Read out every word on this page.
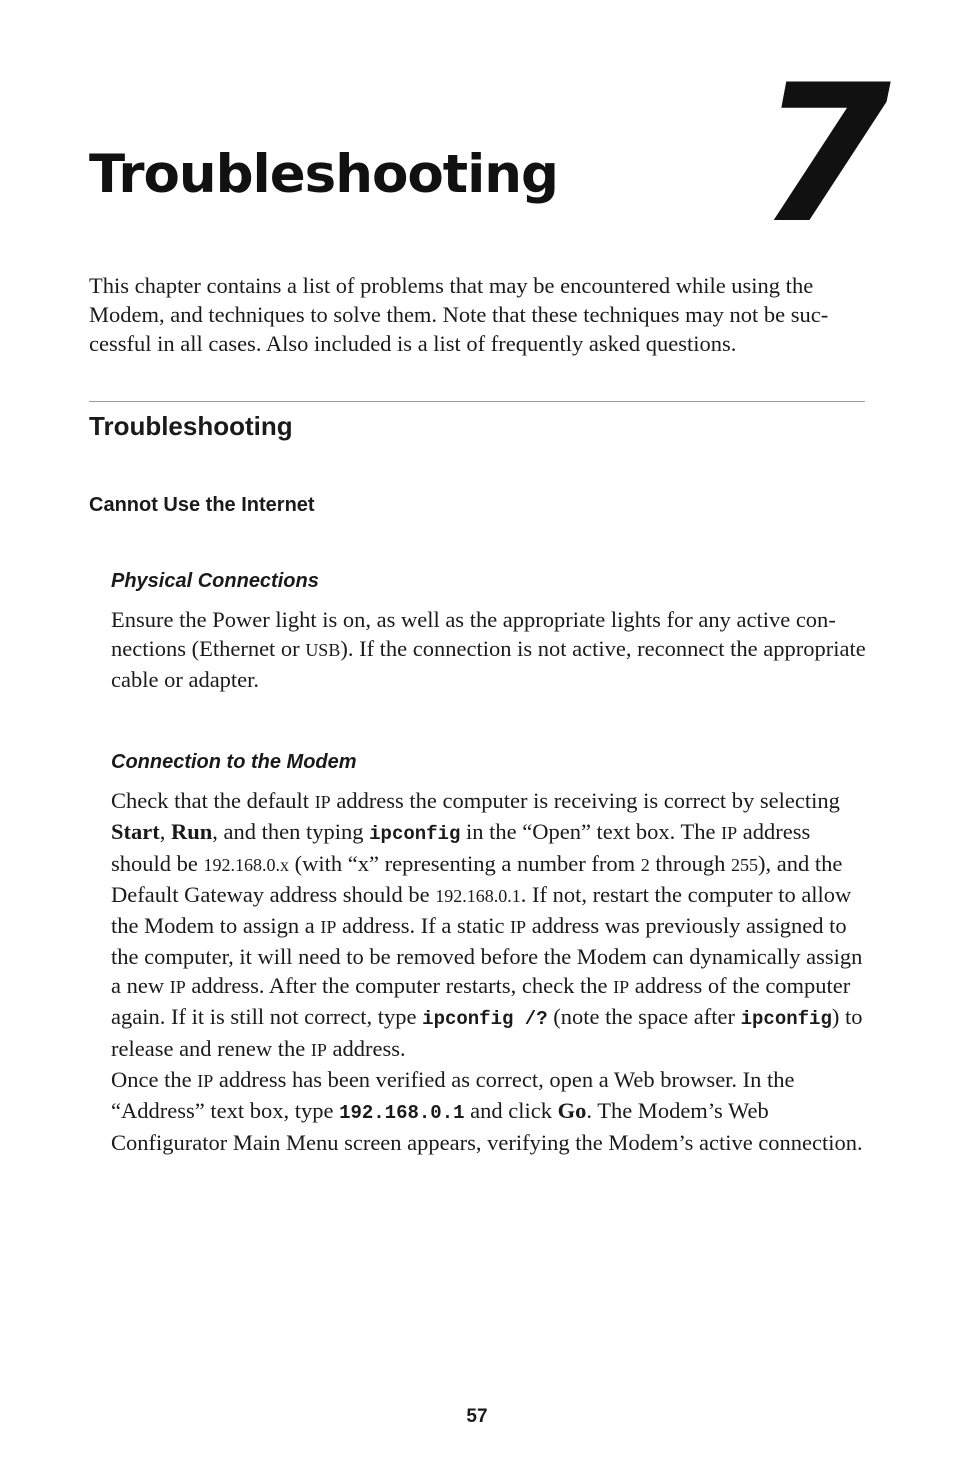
7
Troubleshooting

This chapter contains a list of problems that may be encountered while using the Modem, and techniques to solve them. Note that these techniques may not be successful in all cases. Also included is a list of frequently asked questions.

Troubleshooting
Cannot Use the Internet
Physical Connections

Ensure the Power light is on, as well as the appropriate lights for any active connections (Ethernet or USB). If the connection is not active, reconnect the appropriate cable or adapter.

Connection to the Modem

Check that the default IP address the computer is receiving is correct by selecting Start, Run, and then typing ipconfig in the “Open” text box. The IP address should be 192.168.0.x (with “x” representing a number from 2 through 255), and the Default Gateway address should be 192.168.0.1. If not, restart the computer to allow the Modem to assign a IP address. If a static IP address was previously assigned to the computer, it will need to be removed before the Modem can dynamically assign a new IP address. After the computer restarts, check the IP address of the computer again. If it is still not correct, type ipconfig /? (note the space after ipconfig) to release and renew the IP address.
Once the IP address has been verified as correct, open a Web browser. In the “Address” text box, type 192.168.0.1 and click Go. The Modem’s Web Configurator Main Menu screen appears, verifying the Modem’s active connection.

57
